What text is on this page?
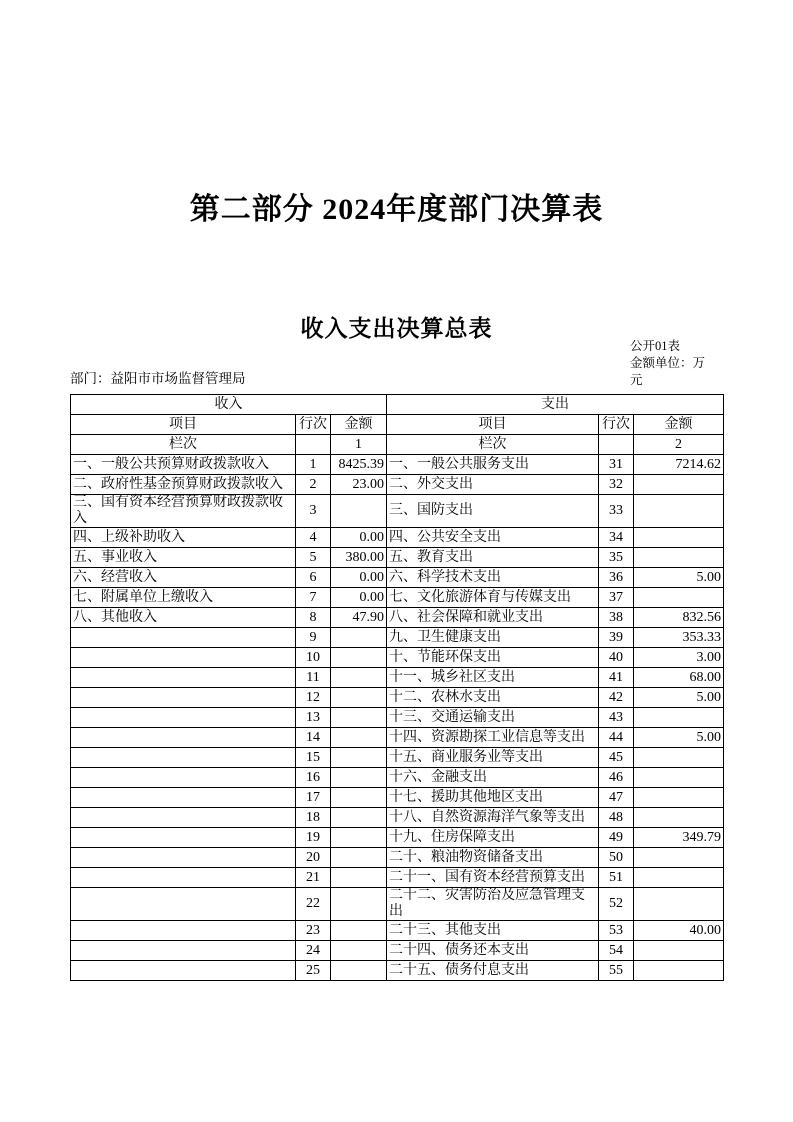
第二部分 2024年度部门决算表
收入支出决算总表
公开01表
金额单位：万元
部门：益阳市市场监督管理局
收入			支出		
项目	行次	金额	项目	行次	金额
栏次		1	栏次		2
一、一般公共预算财政拨款收入	1	8425.39	一、一般公共服务支出	31	7214.62
二、政府性基金预算财政拨款收入	2	23.00	二、外交支出	32	
三、国有资本经营预算财政拨款收入	3		三、国防支出	33	
四、上级补助收入	4	0.00	四、公共安全支出	34	
五、事业收入	5	380.00	五、教育支出	35	
六、经营收入	6	0.00	六、科学技术支出	36	5.00
七、附属单位上缴收入	7	0.00	七、文化旅游体育与传媒支出	37	
八、其他收入	8	47.90	八、社会保障和就业支出	38	832.56
	9		九、卫生健康支出	39	353.33
	10		十、节能环保支出	40	3.00
	11		十一、城乡社区支出	41	68.00
	12		十二、农林水支出	42	5.00
	13		十三、交通运输支出	43	
	14		十四、资源勘探工业信息等支出	44	5.00
	15		十五、商业服务业等支出	45	
	16		十六、金融支出	46	
	17		十七、援助其他地区支出	47	
	18		十八、自然资源海洋气象等支出	48	
	19		十九、住房保障支出	49	349.79
	20		二十、粮油物资储备支出	50	
	21		二十一、国有资本经营预算支出	51	
	22		二十二、灾害防治及应急管理支出	52	
	23		二十三、其他支出	53	40.00
	24		二十四、债务还本支出	54	
	25		二十五、债务付息支出	55	
